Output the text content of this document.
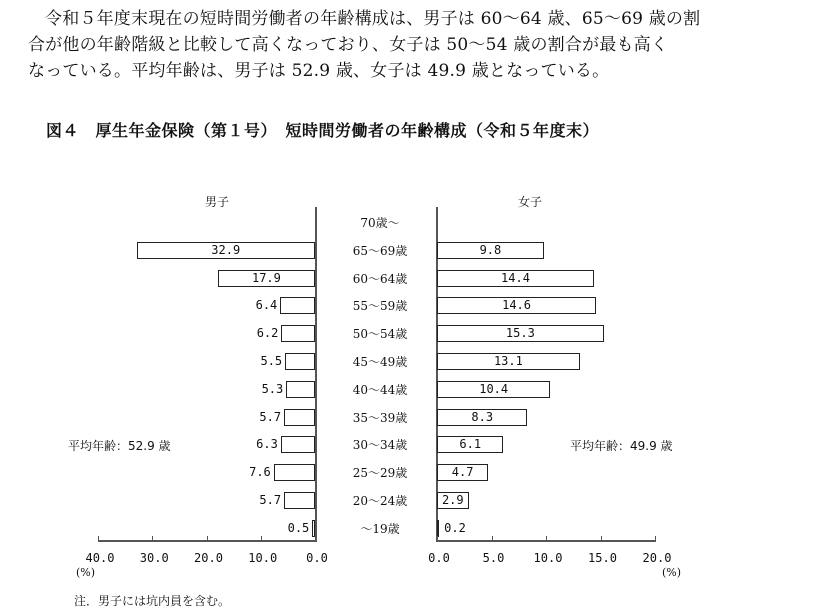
令和５年度末現在の短時間労働者の年齢構成は、男子は 60～64 歳、65～69 歳の割

合が他の年齢階級と比較して高くなっており、女子は 50～54 歳の割合が最も高く

なっている。平均年齢は、男子は 52.9 歳、女子は 49.9 歳となっている。

図４　厚生年金保険（第１号）　短時間労働者の年齢構成（令和５年度末）
男子	女子
平均年齢：52.9 歳	平均年齢：49.9 歳
(%)	(%)
70歳～
65～69歳
32.9	9.8
60～64歳
17.9	14.4
55～59歳
6.4	14.6
50～54歳
6.2	15.3
45～49歳
5.5	13.1
40～44歳
5.3	10.4
35～39歳
5.7	8.3
30～34歳
6.3	6.1
25～29歳
7.6	4.7
20～24歳
5.7	2.9
～19歳
0.5	0.2
40.0 30.0 20.0 10.0 0.0	0.0	5.0 10.0 15.0 20.0
注．男子には坑内員を含む。
